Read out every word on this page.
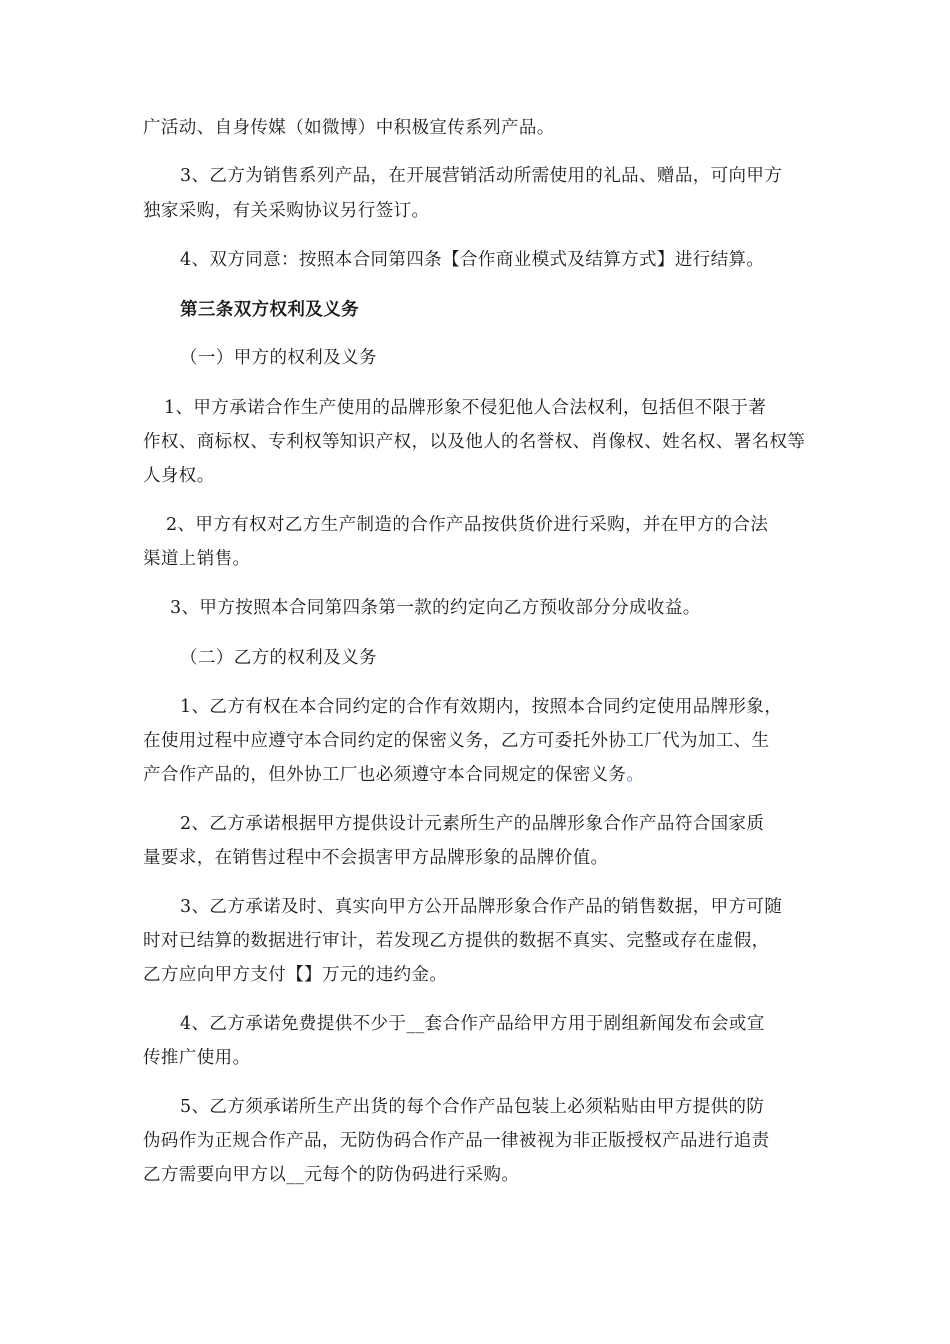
广活动、自身传媒（如微博）中积极宣传系列产品。
3、乙方为销售系列产品，在开展营销活动所需使用的礼品、赠品，可向甲方
独家采购，有关采购协议另行签订。
4、双方同意：按照本合同第四条【合作商业模式及结算方式】进行结算。
第三条双方权利及义务
（一）甲方的权利及义务
1、甲方承诺合作生产使用的品牌形象不侵犯他人合法权利，包括但不限于著
作权、商标权、专利权等知识产权，以及他人的名誉权、肖像权、姓名权、署名权等
人身权。
2、甲方有权对乙方生产制造的合作产品按供货价进行采购，并在甲方的合法
渠道上销售。
3、甲方按照本合同第四条第一款的约定向乙方预收部分分成收益。
（二）乙方的权利及义务
1、乙方有权在本合同约定的合作有效期内，按照本合同约定使用品牌形象，
在使用过程中应遵守本合同约定的保密义务，乙方可委托外协工厂代为加工、生
产合作产品的，但外协工厂也必须遵守本合同规定的保密义务。
2、乙方承诺根据甲方提供设计元素所生产的品牌形象合作产品符合国家质
量要求，在销售过程中不会损害甲方品牌形象的品牌价值。
3、乙方承诺及时、真实向甲方公开品牌形象合作产品的销售数据，甲方可随
时对已结算的数据进行审计，若发现乙方提供的数据不真实、完整或存在虚假，
乙方应向甲方支付【】万元的违约金。
4、乙方承诺免费提供不少于__套合作产品给甲方用于剧组新闻发布会或宣
传推广使用。
5、乙方须承诺所生产出货的每个合作产品包装上必须粘贴由甲方提供的防
伪码作为正规合作产品，无防伪码合作产品一律被视为非正版授权产品进行追责
乙方需要向甲方以__元每个的防伪码进行采购。
